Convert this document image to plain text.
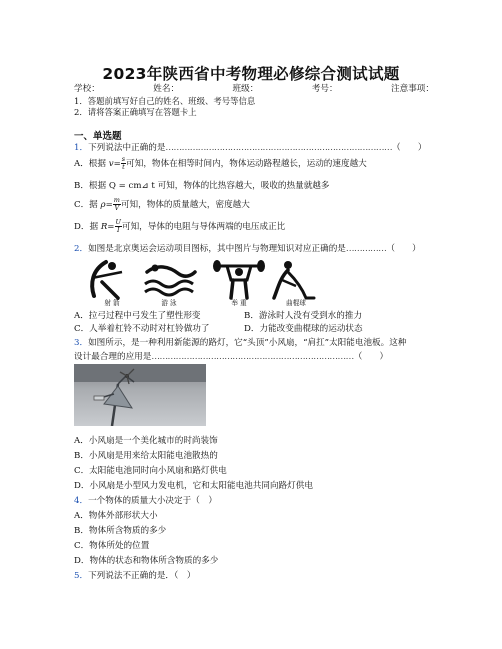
2023年陕西省中考物理必修综合测试试题
学校：	姓名：	班级：	考号：	注意事项：
1．答题前填写好自己的姓名、班级、考号等信息
2．请将答案正确填写在答题卡上
一、单选题
1．下列说法中正确的是…………………………………………………………………………（　　）
A．根据 $v= \frac{s}{t}$ 可知，物体在相等时间内，物体运动路程越长，运动的速度越大
B．根据 Q = cm⊿ t 可知，物体的比热容越大，吸收的热量就越多
C．据 $\rho= \frac{m}{V}$ 可知，物体的质量越大，密度越大
D．据 $R= \frac{U}{I}$ 可知，导体的电阻与导体两端的电压成正比
2．如图是北京奥运会运动项目图标，其中图片与物理知识对应正确的是……………（　　）
射 箭	游 泳	举 重	曲棍球
A．拉弓过程中弓发生了塑性形变	B．游泳时人没有受到水的推力
C．人举着杠铃不动时对杠铃做功了	D．力能改变曲棍球的运动状态
3．如图所示，是一种利用新能源的路灯，它“头顶”小风扇，“肩扛”太阳能电池板。这种
设计最合理的应用是…………………………………………………………………（　　）
A．小风扇是一个美化城市的时尚装饰
B．小风扇是用来给太阳能电池散热的
C．太阳能电池同时向小风扇和路灯供电
D．小风扇是小型风力发电机，它和太阳能电池共同向路灯供电
4．一个物体的质量大小决定于（　）
A．物体外部形状大小
B．物体所含物质的多少
C．物体所处的位置
D．物体的状态和物体所含物质的多少
5．下列说法不正确的是．（　）
